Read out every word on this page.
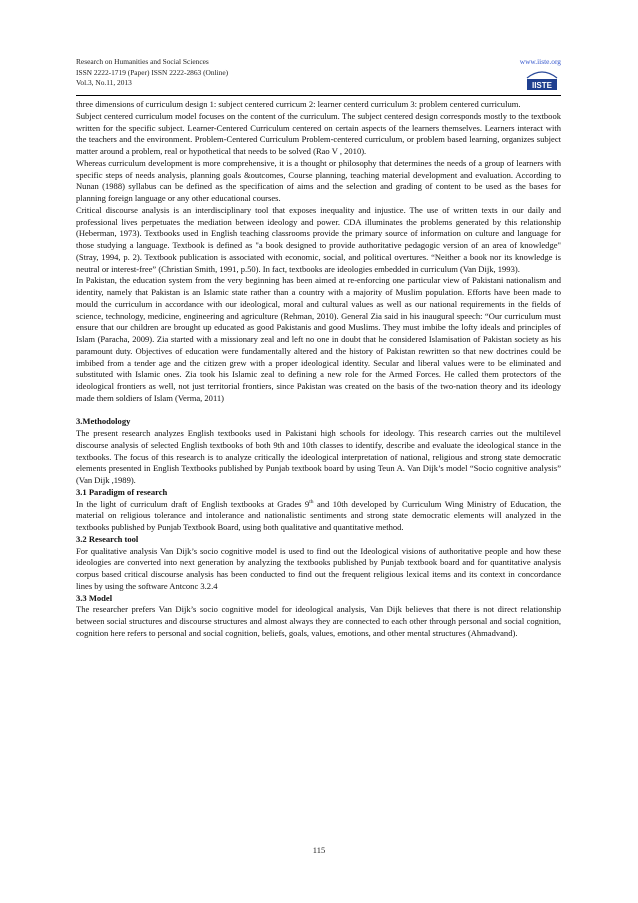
Research on Humanities and Social Sciences
ISSN 2222-1719 (Paper) ISSN 2222-2863 (Online)
Vol.3, No.11, 2013
www.iiste.org
IISTE

three dimensions of curriculum design 1: subject centered curricum 2: learner centerd curriculum 3: problem centered curriculum.

Subject centered curriculum model focuses on the content of the curriculum. The subject centered design corresponds mostly to the textbook written for the specific subject. Learner-Centered Curriculum centered on certain aspects of the learners themselves. Learners interact with the teachers and the environment. Problem-Centered Curriculum Problem-centered curriculum, or problem based learning, organizes subject matter around a problem, real or hypothetical that needs to be solved (Rao V , 2010).

Whereas curriculum development is more comprehensive, it is a thought or philosophy that determines the needs of a group of learners with specific steps of needs analysis, planning goals &outcomes, Course planning, teaching material development and evaluation. According to Nunan (1988) syllabus can be defined as the specification of aims and the selection and grading of content to be used as the bases for planning foreign language or any other educational courses.

Critical discourse analysis is an interdisciplinary tool that exposes inequality and injustice. The use of written texts in our daily and professional lives perpetuates the mediation between ideology and power. CDA illuminates the problems generated by this relationship (Heberman, 1973). Textbooks used in English teaching classrooms provide the primary source of information on culture and language for those studying a language. Textbook is defined as "a book designed to provide authoritative pedagogic version of an area of knowledge" (Stray, 1994, p. 2). Textbook publication is associated with economic, social, and political overtures. “Neither a book nor its knowledge is neutral or interest-free” (Christian Smith, 1991, p.50). In fact, textbooks are ideologies embedded in curriculum (Van Dijk, 1993).

In Pakistan, the education system from the very beginning has been aimed at re-enforcing one particular view of Pakistani nationalism and identity, namely that Pakistan is an Islamic state rather than a country with a majority of Muslim population. Efforts have been made to mould the curriculum in accordance with our ideological, moral and cultural values as well as our national requirements in the fields of science, technology, medicine, engineering and agriculture (Rehman, 2010). General Zia said in his inaugural speech: “Our curriculum must ensure that our children are brought up educated as good Pakistanis and good Muslims. They must imbibe the lofty ideals and principles of Islam (Paracha, 2009). Zia started with a missionary zeal and left no one in doubt that he considered Islamisation of Pakistan society as his paramount duty. Objectives of education were fundamentally altered and the history of Pakistan rewritten so that new doctrines could be imbibed from a tender age and the citizen grew with a proper ideological identity. Secular and liberal values were to be eliminated and substituted with Islamic ones. Zia took his Islamic zeal to defining a new role for the Armed Forces. He called them protectors of the ideological frontiers as well, not just territorial frontiers, since Pakistan was created on the basis of the two-nation theory and its ideology made them soldiers of Islam (Verma, 2011)

3.Methodology

The present research analyzes English textbooks used in Pakistani high schools for ideology. This research carries out the multilevel discourse analysis of selected English textbooks of both 9th and 10th classes to identify, describe and evaluate the ideological stance in the textbooks. The focus of this research is to analyze critically the ideological interpretation of national, religious and strong state democratic elements presented in English Textbooks published by Punjab textbook board by using Teun A. Van Dijk’s model “Socio cognitive analysis” (Van Dijk ,1989).

3.1 Paradigm of research

In the light of curriculum draft of English textbooks at Grades 9th and 10th developed by Curriculum Wing Ministry of Education, the material on religious tolerance and intolerance and nationalistic sentiments and strong state democratic elements will analyzed in the textbooks published by Punjab Textbook Board, using both qualitative and quantitative method.

3.2 Research tool

For qualitative analysis Van Dijk’s socio cognitive model is used to find out the Ideological visions of authoritative people and how these ideologies are converted into next generation by analyzing the textbooks published by Punjab textbook board and for quantitative analysis corpus based critical discourse analysis has been conducted to find out the frequent religious lexical items and its context in concordance lines by using the software Antconc 3.2.4

3.3 Model

The researcher prefers Van Dijk’s socio cognitive model for ideological analysis, Van Dijk believes that there is not direct relationship between social structures and discourse structures and almost always they are connected to each other through personal and social cognition, cognition here refers to personal and social cognition, beliefs, goals, values, emotions, and other mental structures (Ahmadvand).

115
